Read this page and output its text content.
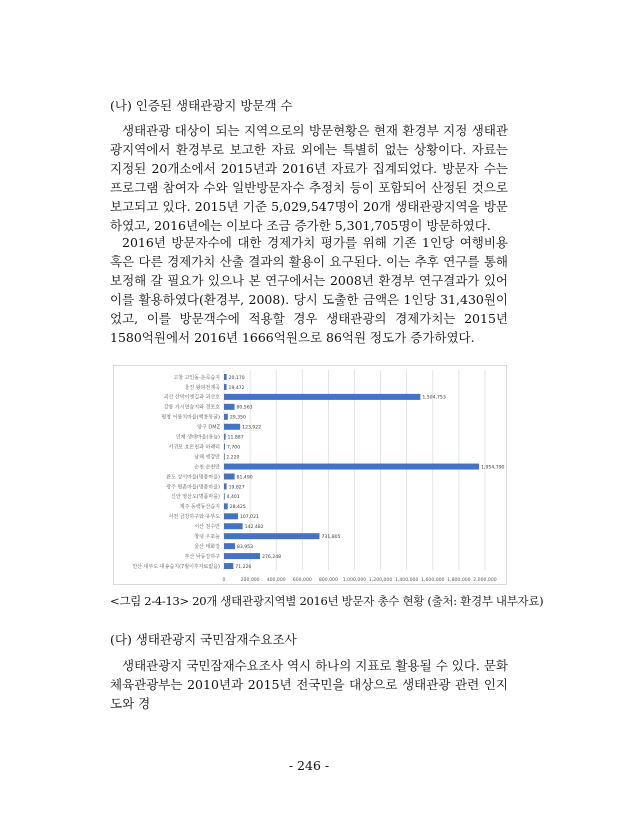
(나) 인증된 생태관광지 방문객 수

생태관광 대상이 되는 지역으로의 방문현황은 현재 환경부 지정 생태관광지역에서 환경부로 보고한 자료 외에는 특별히 없는 상황이다. 자료는 지정된 20개소에서 2015년과 2016년 자료가 집계되었다. 방문자 수는 프로그램 참여자 수와 일반방문자수 추정치 등이 포함되어 산정된 것으로 보고되고 있다. 2015년 기준 5,029,547명이 20개 생태관광지역을 방문하였고, 2016년에는 이보다 조금 증가한 5,301,705명이 방문하였다.

2016년 방문자수에 대한 경제가치 평가를 위해 기존 1인당 여행비용 혹은 다른 경제가치 산출 결과의 활용이 요구된다. 이는 추후 연구를 통해 보정해 갈 필요가 있으나 본 연구에서는 2008년 환경부 연구결과가 있어 이를 활용하였다(환경부, 2008). 당시 도출한 금액은 1인당 31,430원이었고, 이를 방문객수에 적용할 경우 생태관광의 경제가치는 2015년 1580억원에서 2016년 1666억원으로 86억원 정도가 증가하였다.

0	200,000 400,000 600,000 800,000 1,000,000 1,200,000 1,400,000 1,600,000 1,800,000 2,000,000
고창 고인돌·운곡습지 20,170
울진 왕피천계곡 19,472
괴산 산막이옛길과 괴산호	1,504,753
강릉 가시연습지와 경포호	80,563
평창 어름치마을(백룡동굴) 29,350
양구 DMZ	123,922
인제 생태마을(용늪) 11,887
서귀포 효돈천과 하례리 7,700
남해 앵강만 2,220
순천 순천만	1,954,790
완도 상서마을(명품마을)	81,490
광주 평촌마을(명품마을) 19,827
신안 영산도(명품마을) 4,401
제주 동백동산습지 28,425
서천 금강하구와 유부도	107,021
서산 천수만	142,482
창녕 우포늪	731,805
울산 태화강	83,953
부산 낙동강하구	276,248
안산 대부도 대송습지(7월이후자료없음)	71,226
<그림 2-4-13> 20개 생태관광지역별 2016년 방문자 총수 현황 (출처: 환경부 내부자료)
(다) 생태관광지 국민잠재수요조사

생태관광지 국민잠재수요조사 역시 하나의 지표로 활용될 수 있다. 문화체육관광부는 2010년과 2015년 전국민을 대상으로 생태관광 관련 인지도와 경

- 246 -
